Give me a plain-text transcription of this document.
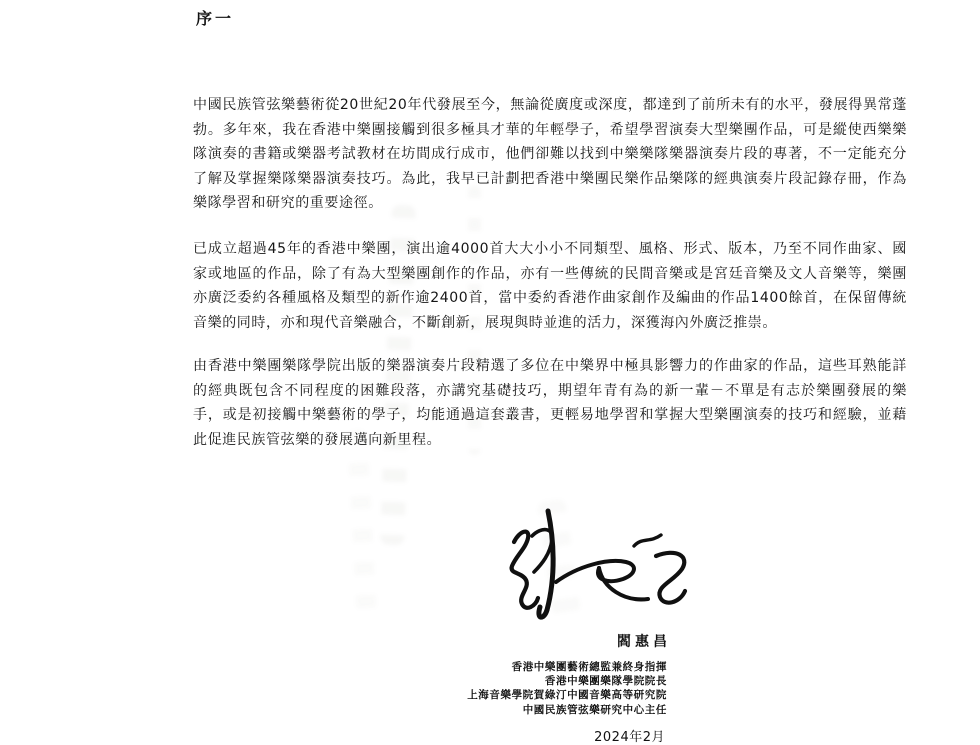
序一

中國民族管弦樂藝術從20世紀20年代發展至今，無論從廣度或深度，都達到了前所未有的水平，發展得異常蓬勃。多年來，我在香港中樂團接觸到很多極具才華的年輕學子，希望學習演奏大型樂團作品，可是縱使西樂樂隊演奏的書籍或樂器考試教材在坊間成行成市，他們卻難以找到中樂樂隊樂器演奏片段的專著，不一定能充分了解及掌握樂隊樂器演奏技巧。為此，我早已計劃把香港中樂團民樂作品樂隊的經典演奏片段記錄存冊，作為樂隊學習和研究的重要途徑。

已成立超過45年的香港中樂團，演出逾4000首大大小小不同類型、風格、形式、版本，乃至不同作曲家、國家或地區的作品，除了有為大型樂團創作的作品，亦有一些傳統的民間音樂或是宮廷音樂及文人音樂等，樂團亦廣泛委約各種風格及類型的新作逾2400首，當中委約香港作曲家創作及編曲的作品1400餘首，在保留傳統音樂的同時，亦和現代音樂融合，不斷創新，展現與時並進的活力，深獲海內外廣泛推崇。

由香港中樂團樂隊學院出版的樂器演奏片段精選了多位在中樂界中極具影響力的作曲家的作品，這些耳熟能詳的經典既包含不同程度的困難段落，亦講究基礎技巧，期望年青有為的新一輩－不單是有志於樂團發展的樂手，或是初接觸中樂藝術的學子，均能通過這套叢書，更輕易地學習和掌握大型樂團演奏的技巧和經驗，並藉此促進民族管弦樂的發展邁向新里程。

閻惠昌
香港中樂團藝術總監兼終身指揮
香港中樂團樂隊學院院長
上海音樂學院賀綠汀中國音樂高等研究院
中國民族管弦樂研究中心主任
2024年2月
